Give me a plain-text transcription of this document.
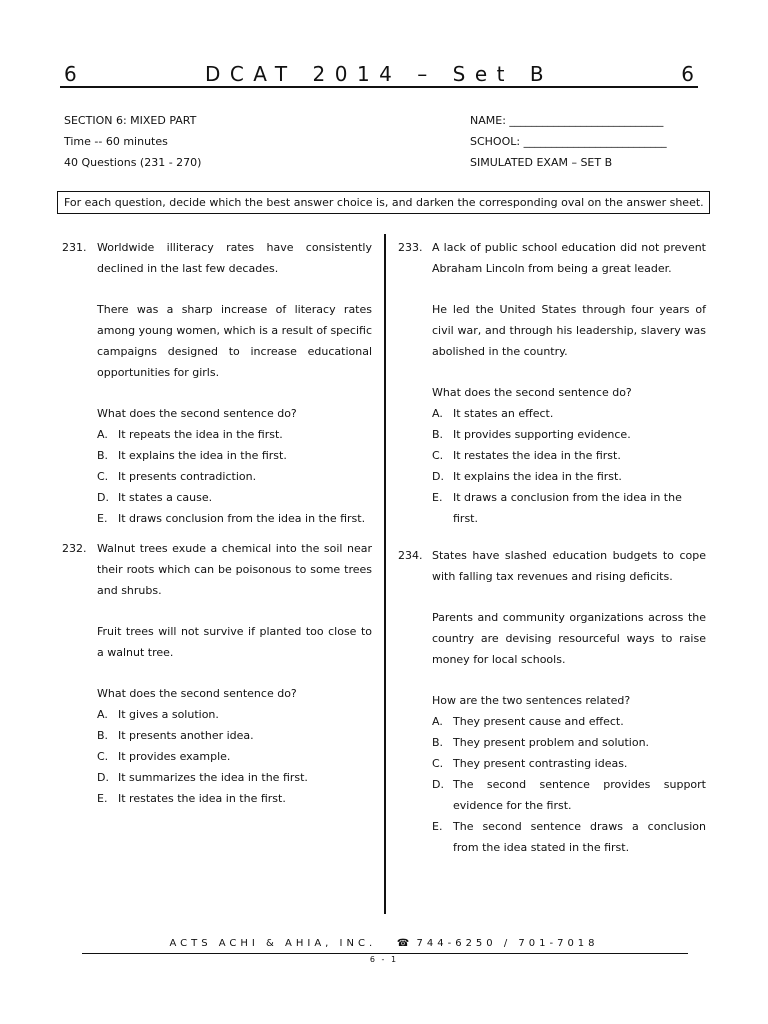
6	DCAT 2014 – Set B	6
SECTION 6: MIXED PART
Time -- 60 minutes
40 Questions (231 - 270)
NAME: ____________________________
SCHOOL: __________________________
SIMULATED EXAM – SET B
For each question, decide which the best answer choice is, and darken the corresponding oval on the answer sheet.
231. Worldwide illiteracy rates have consistently declined in the last few decades.

There was a sharp increase of literacy rates among young women, which is a result of specific campaigns designed to increase educational opportunities for girls.

What does the second sentence do?
A. It repeats the idea in the first.
B. It explains the idea in the first.
C. It presents contradiction.
D. It states a cause.
E. It draws conclusion from the idea in the first.
232. Walnut trees exude a chemical into the soil near their roots which can be poisonous to some trees and shrubs.

Fruit trees will not survive if planted too close to a walnut tree.

What does the second sentence do?
A. It gives a solution.
B. It presents another idea.
C. It provides example.
D. It summarizes the idea in the first.
E. It restates the idea in the first.
233. A lack of public school education did not prevent Abraham Lincoln from being a great leader.

He led the United States through four years of civil war, and through his leadership, slavery was abolished in the country.

What does the second sentence do?
A. It states an effect.
B. It provides supporting evidence.
C. It restates the idea in the first.
D. It explains the idea in the first.
E. It draws a conclusion from the idea in the first.
234. States have slashed education budgets to cope with falling tax revenues and rising deficits.

Parents and community organizations across the country are devising resourceful ways to raise money for local schools.

How are the two sentences related?
A. They present cause and effect.
B. They present problem and solution.
C. They present contrasting ideas.
D. The second sentence provides support evidence for the first.
E. The second sentence draws a conclusion from the idea stated in the first.
ACTS ACHI & AHIA, INC. ☎ 744-6250 / 701-7018
6 - 1
